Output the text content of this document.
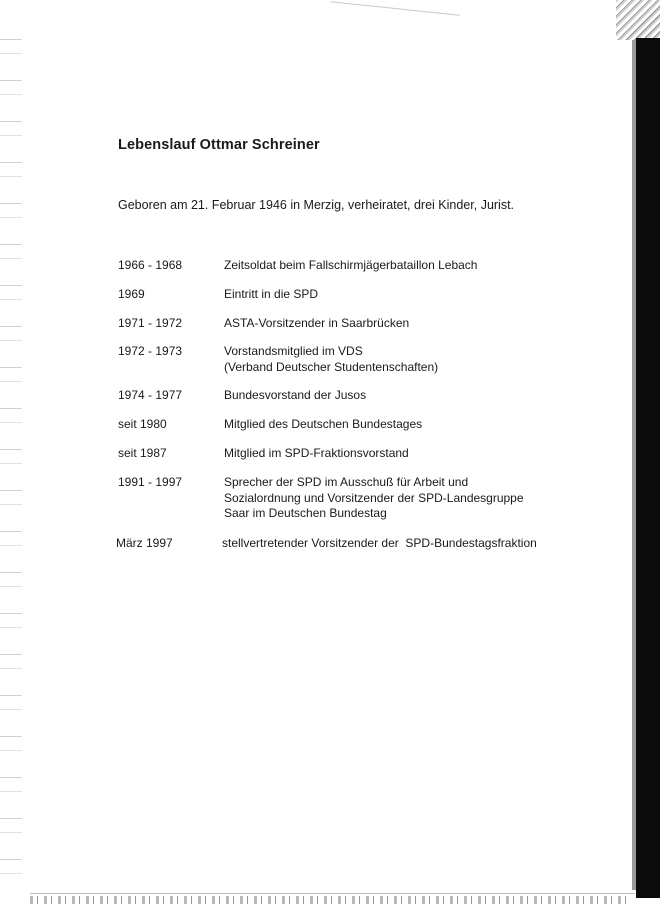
Lebenslauf Ottmar Schreiner
Geboren am 21. Februar 1946 in Merzig, verheiratet, drei Kinder, Jurist.
1966 - 1968	Zeitsoldat beim Fallschirmjägerbataillon Lebach
1969	Eintritt in die SPD
1971 - 1972	ASTA-Vorsitzender in Saarbrücken
1972 - 1973	Vorstandsmitglied im VDS
(Verband Deutscher Studentenschaften)
1974 - 1977	Bundesvorstand der Jusos
seit 1980	Mitglied des Deutschen Bundestages
seit 1987	Mitglied im SPD-Fraktionsvorstand
1991 - 1997	Sprecher der SPD im Ausschuß für Arbeit und
Sozialordnung und Vorsitzender der SPD-Landesgruppe
Saar im Deutschen Bundestag
März 1997	stellvertretender Vorsitzender der  SPD-Bundestagsfraktion
